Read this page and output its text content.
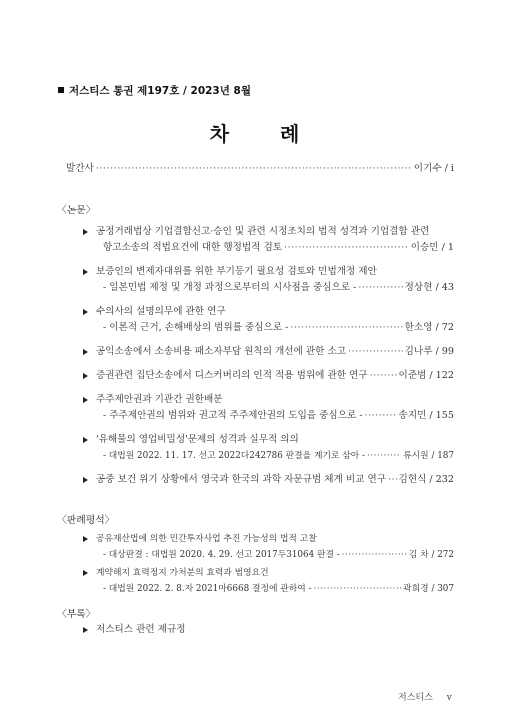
저스티스 통권 제197호 / 2023년 8월
차 례
발간사 ·····	이기수 / i
〈논문〉
공정거래법상 기업결합신고·승인 및 관련 시정조치의 법적 성격과 기업결합 관련
항고소송의 적법요건에 대한 행정법적 검토 ·····	이승민 / 1
보증인의 변제자대위를 위한 부기등기 필요성 검토와 민법개정 제안
- 일본민법 제정 및 개정 과정으로부터의 시사점을 중심으로 - ·····	정상현 / 43
수의사의 설명의무에 관한 연구
- 이론적 근거, 손해배상의 범위를 중심으로 - ·····	한소영 / 72
공익소송에서 소송비용 패소자부담 원칙의 개선에 관한 소고 ·····	김나루 / 99
증권관련 집단소송에서 디스커버리의 인적 적용 범위에 관한 연구 ·····	이준범 / 122
주주제안권과 기관간 권한배분
- 주주제안권의 범위와 권고적 주주제안권의 도입을 중심으로 - ·····	송지민 / 155
'유해물의 영업비밀성'문제의 성격과 실무적 의의
- 대법원 2022. 11. 17. 선고 2022다242786 판결을 계기로 삼아 - ·····	류시원 / 187
공중 보건 위기 상황에서 영국과 한국의 과학 자문규범 체계 비교 연구 ····· 김현식 / 232
〈판례평석〉
공유재산법에 의한 민간투자사업 추진 가능성의 법적 고찰
- 대상판결 : 대법원 2020. 4. 29. 선고 2017두31064 판결 - ·····	김 차 / 272
계약해지 효력정지 가처분의 효력과 범영요건
- 대법원 2022. 2. 8.자 2021마6668 결정에 관하여 - ·····	곽희경 / 307
〈부록〉
저스티스 관련 제규정
저스티스 v
